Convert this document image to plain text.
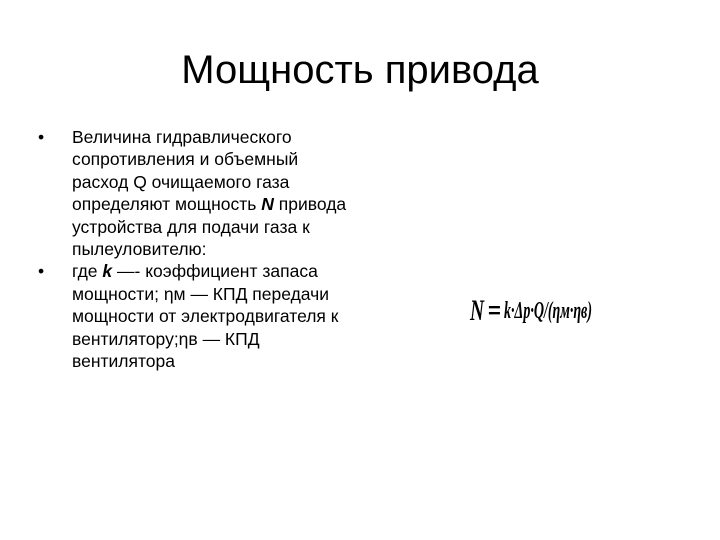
Мощность привода
•	Величина гидравлического сопротивления и объемный расход Q очищаемого газа определяют мощность N привода устройства для подачи газа к пылеуловителю:
•	где k —- коэффициент запаса мощности; ηм — КПД передачи мощности от электродвигателя к вентилятору;ηв — КПД вентилятора
N = k·Δp·Q/(ηм·ηв)
